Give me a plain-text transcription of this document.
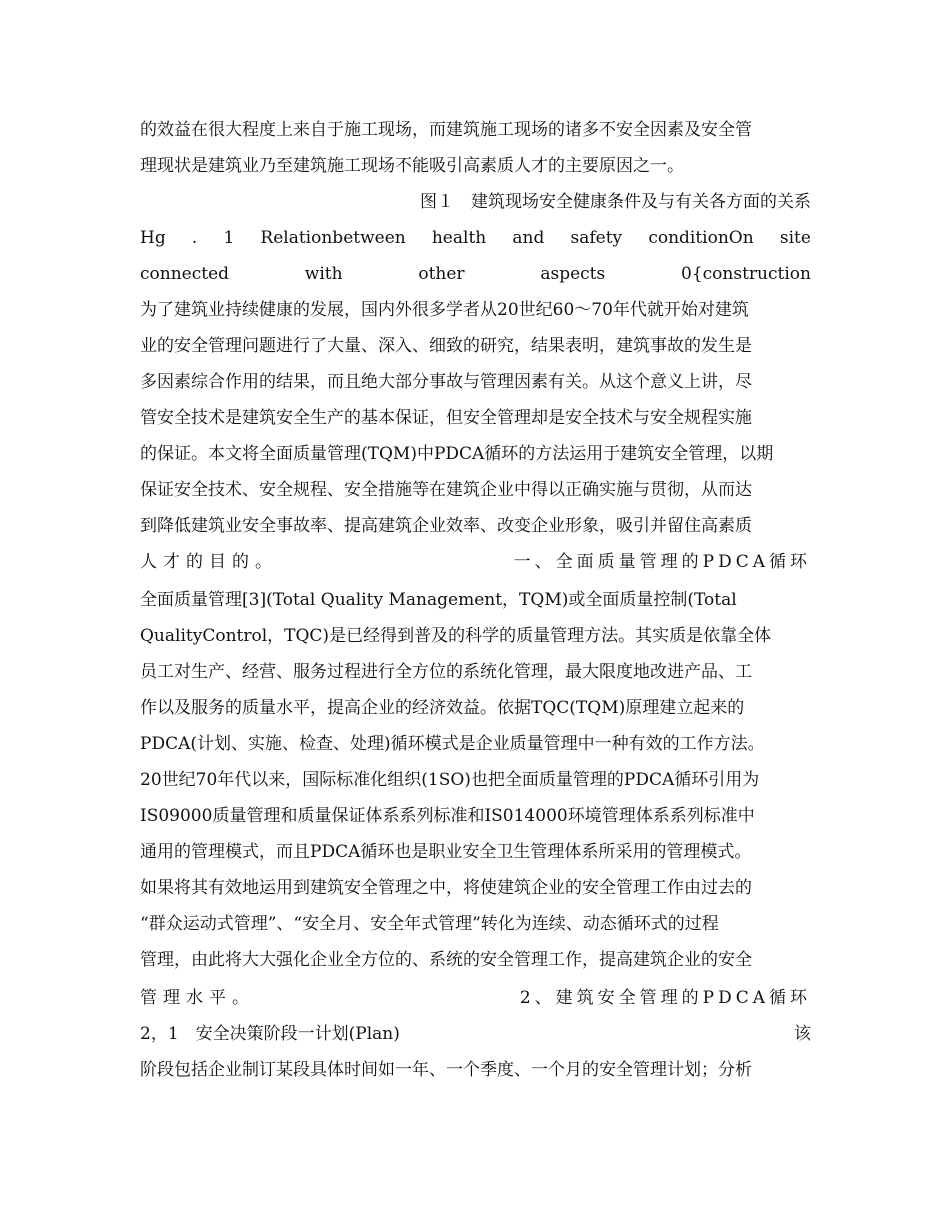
的效益在很大程度上来自于施工现场，而建筑施工现场的诸多不安全因素及安全管
理现状是建筑业乃至建筑施工现场不能吸引高素质人才的主要原因之一。
图１　建筑现场安全健康条件及与有关各方面的关系
Hg . 1 Relationbetween health and safety conditionOn site
connected	with	other	aspects	0{construction
为了建筑业持续健康的发展，国内外很多学者从20世纪60～70年代就开始对建筑
业的安全管理问题进行了大量、深入、细致的研究，结果表明，建筑事故的发生是
多因素综合作用的结果，而且绝大部分事故与管理因素有关。从这个意义上讲，尽
管安全技术是建筑安全生产的基本保证，但安全管理却是安全技术与安全规程实施
的保证。本文将全面质量管理(TQM)中PDCA循环的方法运用于建筑安全管理，以期
保证安全技术、安全规程、安全措施等在建筑企业中得以正确实施与贯彻，从而达
到降低建筑业安全事故率、提高建筑企业效率、改变企业形象，吸引并留住高素质
人才的目的。	一、全面质量管理的PDCA循环
全面质量管理[3](Total Quality Management，TQM)或全面质量控制(Total
QualityControl，TQC)是已经得到普及的科学的质量管理方法。其实质是依靠全体
员工对生产、经营、服务过程进行全方位的系统化管理，最大限度地改进产品、工
作以及服务的质量水平，提高企业的经济效益。依据TQC(TQM)原理建立起来的
PDCA(计划、实施、检查、处理)循环模式是企业质量管理中一种有效的工作方法。
20世纪70年代以来，国际标准化组织(1SO)也把全面质量管理的PDCA循环引用为
IS09000质量管理和质量保证体系系列标准和IS014000环境管理体系系列标准中
通用的管理模式，而且PDCA循环也是职业安全卫生管理体系所采用的管理模式。
如果将其有效地运用到建筑安全管理之中，将使建筑企业的安全管理工作由过去的
“群众运动式管理”、“安全月、安全年式管理”转化为连续、动态循环式的过程
管理，由此将大大强化企业全方位的、系统的安全管理工作，提高建筑企业的安全
管理水平。	2、建筑安全管理的PDCA循环
2，1　安全决策阶段一计划(Plan)	该
阶段包括企业制订某段具体时间如一年、一个季度、一个月的安全管理计划；分析
